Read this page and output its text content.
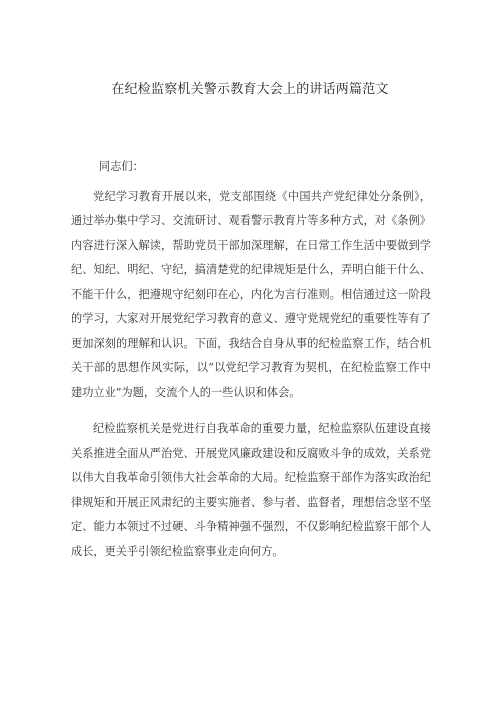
在纪检监察机关警示教育大会上的讲话两篇范文

同志们：

党纪学习教育开展以来，党支部围绕《中国共产党纪律处分条例》，通过举办集中学习、交流研讨、观看警示教育片等多种方式，对《条例》内容进行深入解读，帮助党员干部加深理解，在日常工作生活中要做到学纪、知纪、明纪、守纪，搞清楚党的纪律规矩是什么，弄明白能干什么、不能干什么，把遵规守纪刻印在心，内化为言行准则。相信通过这一阶段的学习，大家对开展党纪学习教育的意义、遵守党规党纪的重要性等有了更加深刻的理解和认识。下面，我结合自身从事的纪检监察工作，结合机关干部的思想作风实际，以“以党纪学习教育为契机，在纪检监察工作中建功立业”为题，交流个人的一些认识和体会。

纪检监察机关是党进行自我革命的重要力量，纪检监察队伍建设直接关系推进全面从严治党、开展党风廉政建设和反腐败斗争的成效，关系党以伟大自我革命引领伟大社会革命的大局。纪检监察干部作为落实政治纪律规矩和开展正风肃纪的主要实施者、参与者、监督者，理想信念坚不坚定、能力本领过不过硬、斗争精神强不强烈，不仅影响纪检监察干部个人成长，更关乎引领纪检监察事业走向何方。
